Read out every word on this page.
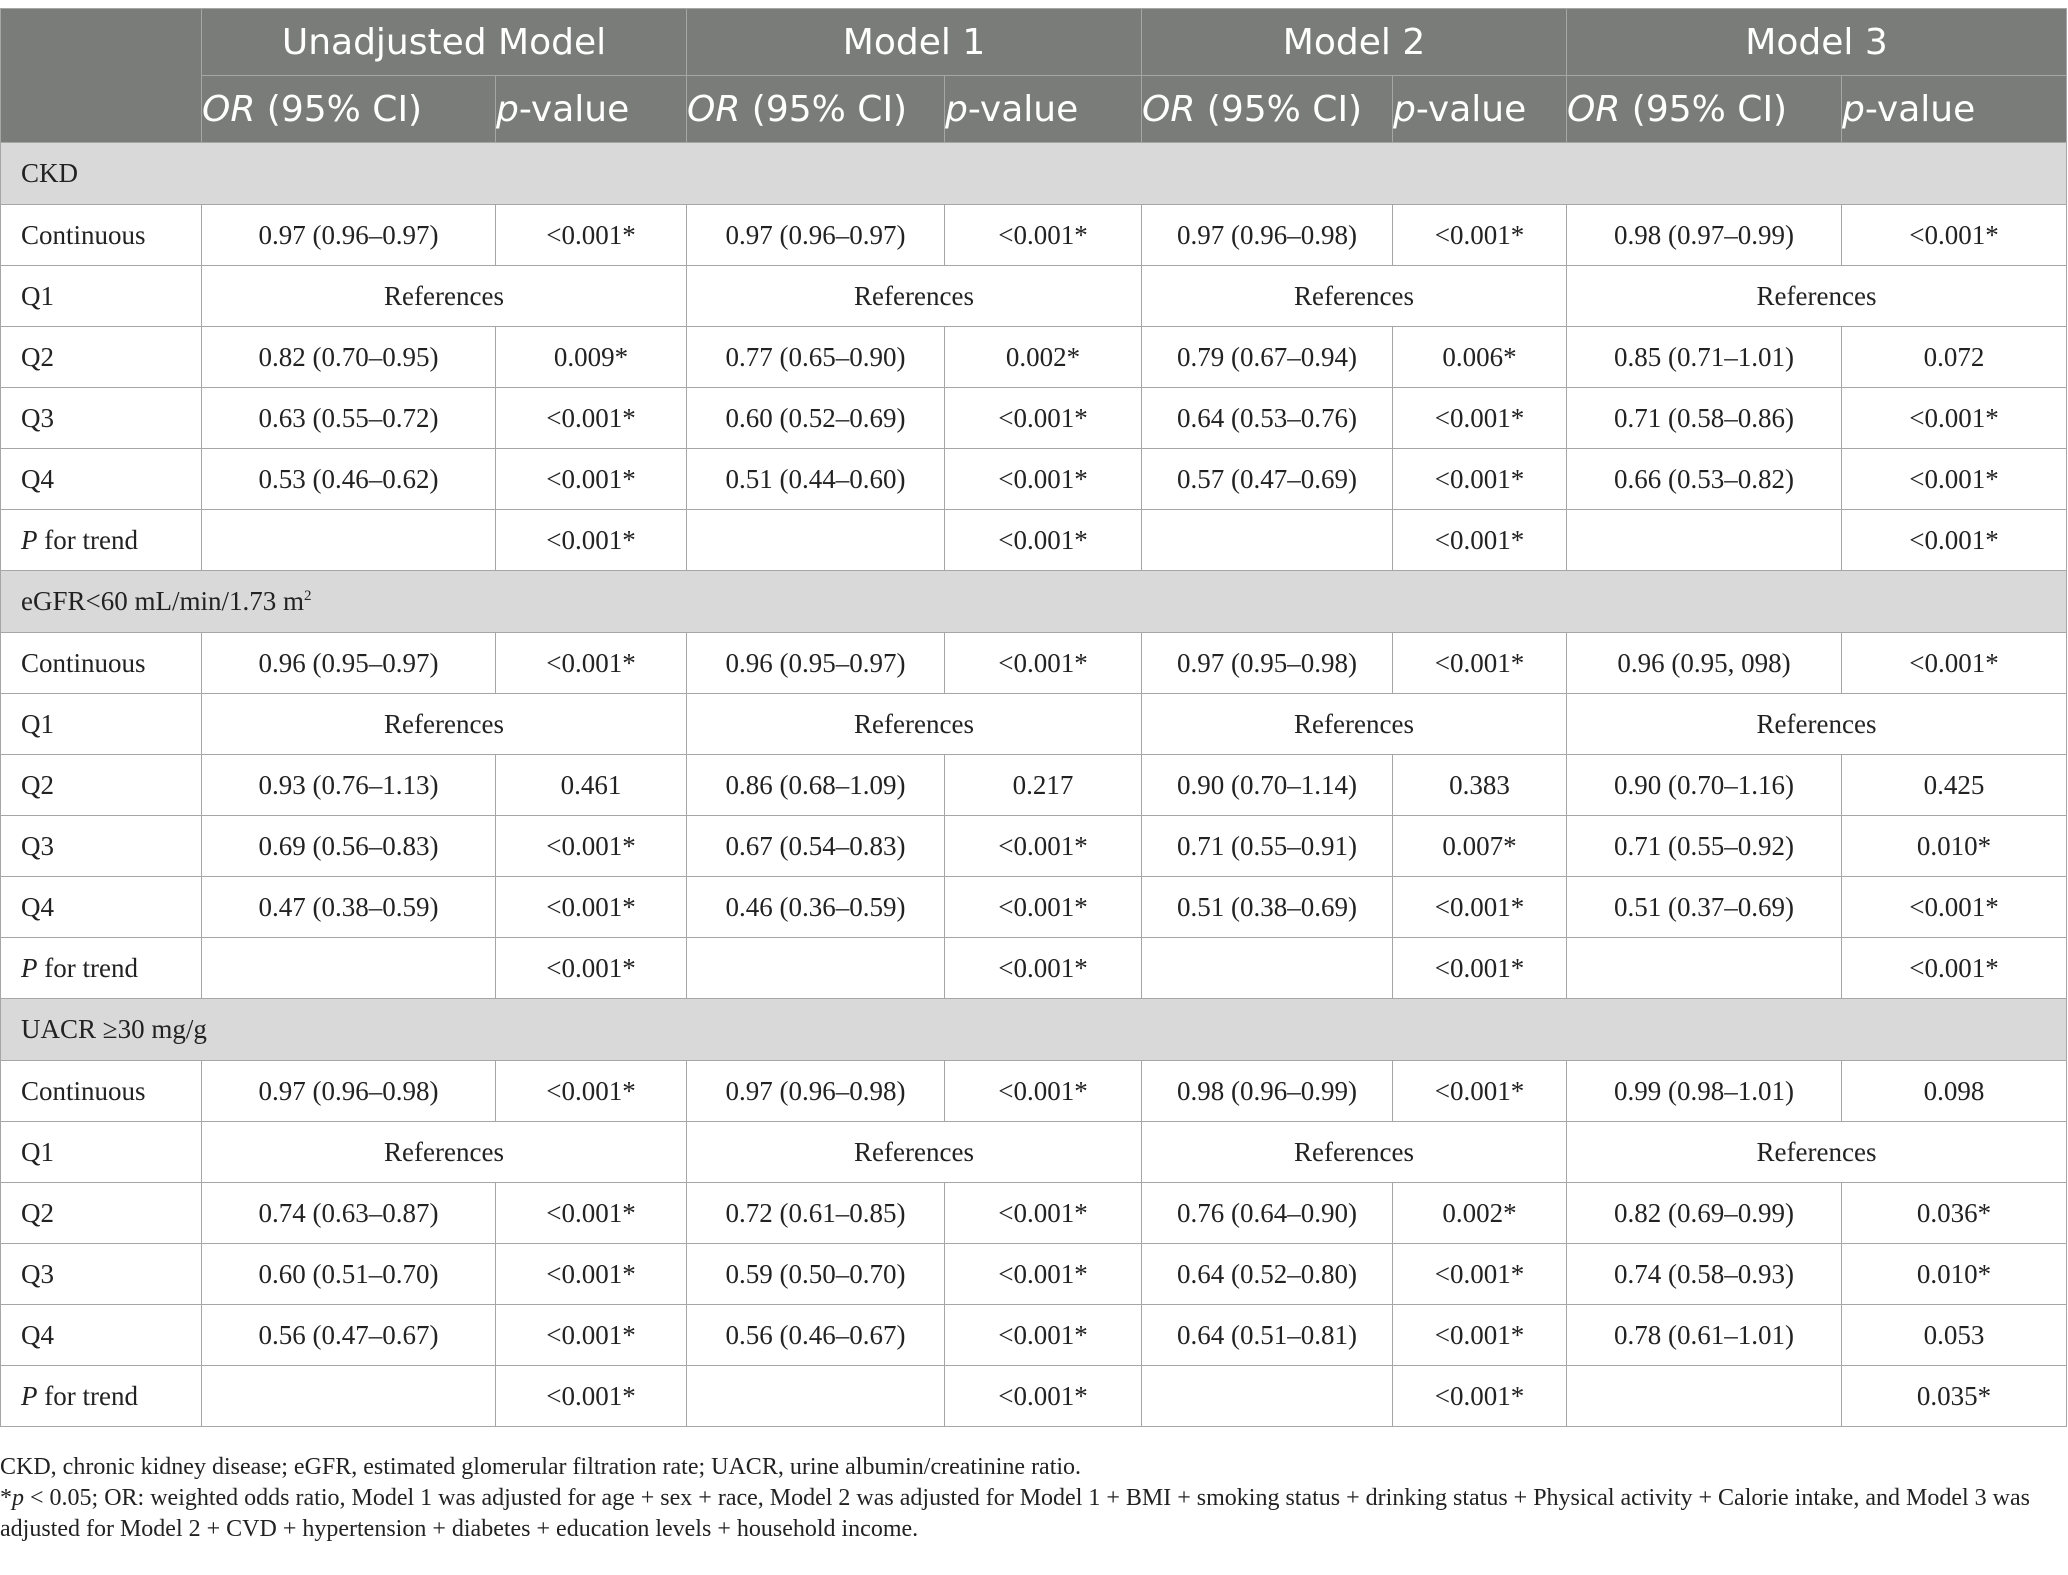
	Unadjusted Model		Model 1		Model 2		Model 3	
	OR (95% CI)	p-value	OR (95% CI)	p-value	OR (95% CI)	p-value	OR (95% CI)	p-value
CKD								
Continuous	0.97 (0.96–0.97)	<0.001*	0.97 (0.96–0.97)	<0.001*	0.97 (0.96–0.98)	<0.001*	0.98 (0.97–0.99)	<0.001*
Q1	References		References		References		References	
Q2	0.82 (0.70–0.95)	0.009*	0.77 (0.65–0.90)	0.002*	0.79 (0.67–0.94)	0.006*	0.85 (0.71–1.01)	0.072
Q3	0.63 (0.55–0.72)	<0.001*	0.60 (0.52–0.69)	<0.001*	0.64 (0.53–0.76)	<0.001*	0.71 (0.58–0.86)	<0.001*
Q4	0.53 (0.46–0.62)	<0.001*	0.51 (0.44–0.60)	<0.001*	0.57 (0.47–0.69)	<0.001*	0.66 (0.53–0.82)	<0.001*
P for trend		<0.001*		<0.001*		<0.001*		<0.001*
eGFR<60 mL/min/1.73 $m^2$
Continuous	0.96 (0.95–0.97)	<0.001*	0.96 (0.95–0.97)	<0.001*	0.97 (0.95–0.98)	<0.001*	0.96 (0.95, 098)	<0.001*
Q1	References		References		References		References	
Q2	0.93 (0.76–1.13)	0.461	0.86 (0.68–1.09)	0.217	0.90 (0.70–1.14)	0.383	0.90 (0.70–1.16)	0.425
Q3	0.69 (0.56–0.83)	<0.001*	0.67 (0.54–0.83)	<0.001*	0.71 (0.55–0.91)	0.007*	0.71 (0.55–0.92)	0.010*
Q4	0.47 (0.38–0.59)	<0.001*	0.46 (0.36–0.59)	<0.001*	0.51 (0.38–0.69)	<0.001*	0.51 (0.37–0.69)	<0.001*
P for trend		<0.001*		<0.001*		<0.001*		<0.001*
UACR ≥30 mg/g								
Continuous	0.97 (0.96–0.98)	<0.001*	0.97 (0.96–0.98)	<0.001*	0.98 (0.96–0.99)	<0.001*	0.99 (0.98–1.01)	0.098
Q1	References		References		References		References	
Q2	0.74 (0.63–0.87)	<0.001*	0.72 (0.61–0.85)	<0.001*	0.76 (0.64–0.90)	0.002*	0.82 (0.69–0.99)	0.036*
Q3	0.60 (0.51–0.70)	<0.001*	0.59 (0.50–0.70)	<0.001*	0.64 (0.52–0.80)	<0.001*	0.74 (0.58–0.93)	0.010*
Q4	0.56 (0.47–0.67)	<0.001*	0.56 (0.46–0.67)	<0.001*	0.64 (0.51–0.81)	<0.001*	0.78 (0.61–1.01)	0.053
P for trend		<0.001*		<0.001*		<0.001*		0.035*

CKD, chronic kidney disease; eGFR, estimated glomerular filtration rate; UACR, urine albumin/creatinine ratio.

*p < 0.05; OR: weighted odds ratio, Model 1 was adjusted for age + sex + race, Model 2 was adjusted for Model 1 + BMI + smoking status + drinking status + Physical activity + Calorie intake, and Model 3 was adjusted for Model 2 + CVD + hypertension + diabetes + education levels + household income.
